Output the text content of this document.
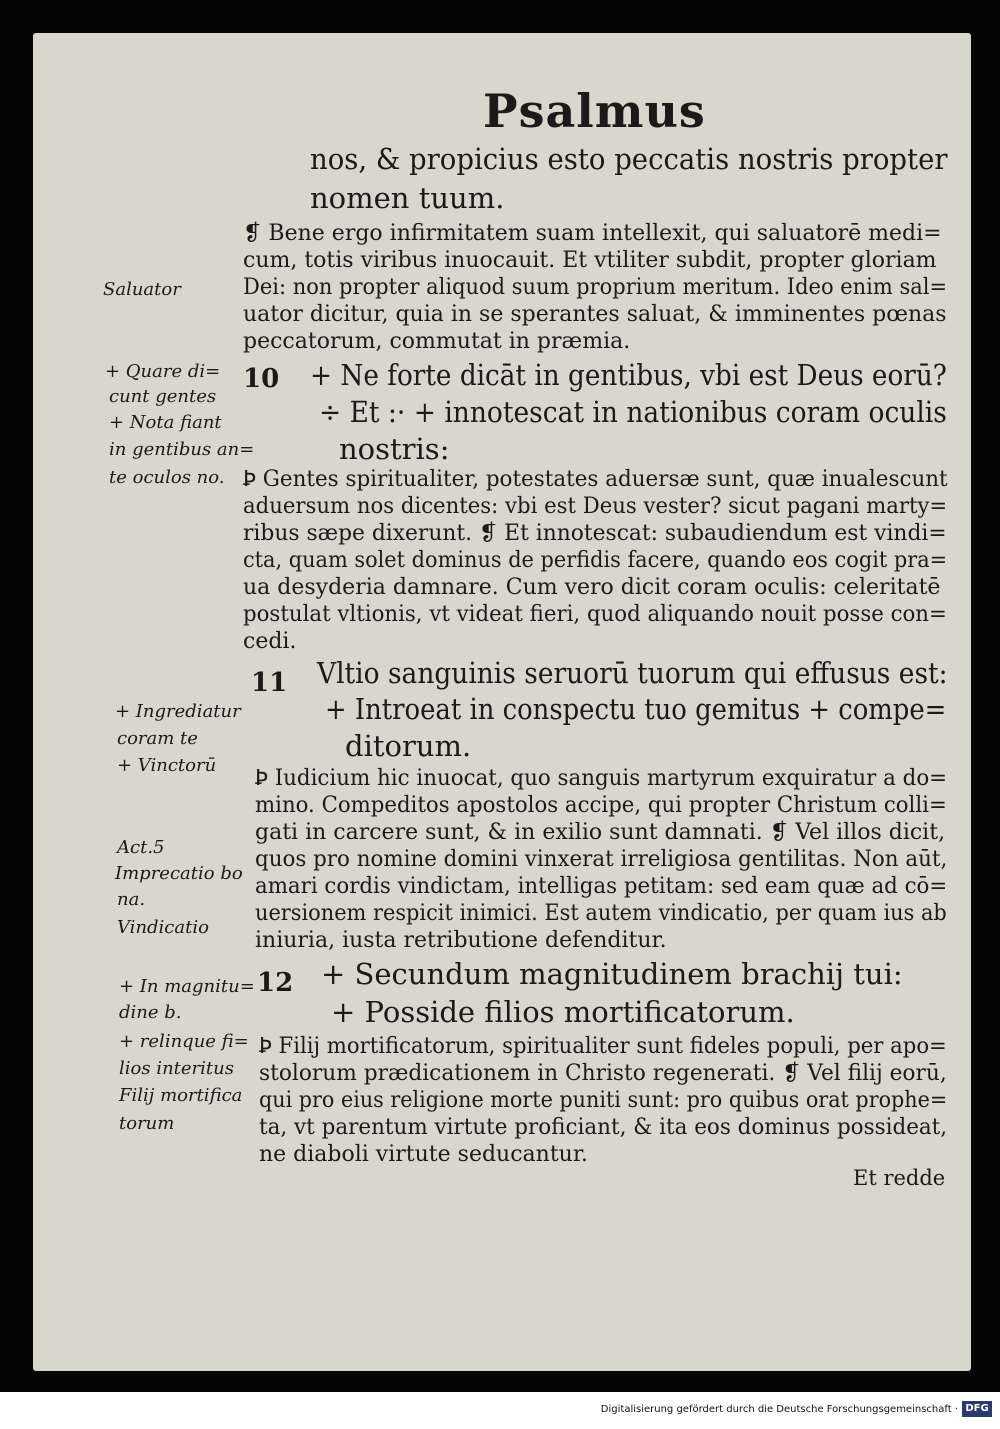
Psalmus
nos, & propicius esto peccatis nostris propter
nomen tuum.
❡ Bene ergo infirmitatem suam intellexit, qui saluatorē medi=
cum, totis viribus inuocauit. Et vtiliter subdit, propter gloriam
Dei: non propter aliquod suum proprium meritum. Ideo enim sal=
uator dicitur, quia in se sperantes saluat, & imminentes pœnas
peccatorum, commutat in præmia.
10 + Ne forte dicāt in gentibus, vbi est Deus eorū?
÷ Et :· + innotescat in nationibus coram oculis
nostris:
Ꝧ Gentes spiritualiter, potestates aduersæ sunt, quæ inualescunt
aduersum nos dicentes: vbi est Deus vester? sicut pagani marty=
ribus sæpe dixerunt. ❡ Et innotescat: subaudiendum est vindi=
cta, quam solet dominus de perfidis facere, quando eos cogit pra=
ua desyderia damnare. Cum vero dicit coram oculis: celeritatē
postulat vltionis, vt videat fieri, quod aliquando nouit posse con=
cedi.
11 Vltio sanguinis seruorū tuorum qui effusus est:
+ Introeat in conspectu tuo gemitus + compe=
ditorum.
Ꝧ Iudicium hic inuocat, quo sanguis martyrum exquiratur a do=
mino. Compeditos apostolos accipe, qui propter Christum colli=
gati in carcere sunt, & in exilio sunt damnati. ❡ Vel illos dicit,
quos pro nomine domini vinxerat irreligiosa gentilitas. Non aūt,
amari cordis vindictam, intelligas petitam: sed eam quæ ad cō=
uersionem respicit inimici. Est autem vindicatio, per quam ius ab
iniuria, iusta retributione defenditur.
12 + Secundum magnitudinem brachij tui:
+ Posside filios mortificatorum.
Ꝧ Filij mortificatorum, spiritualiter sunt fideles populi, per apo=
stolorum prædicationem in Christo regenerati. ❡ Vel filij eorū,
qui pro eius religione morte puniti sunt: pro quibus orat prophe=
ta, vt parentum virtute proficiant, & ita eos dominus possideat,
ne diaboli virtute seducantur.
Et redde
Saluator
+ Quare di=
cunt gentes
+ Nota fiant
in gentibus an=
te oculos no.
+ Ingrediatur
coram te
+ Vinctorū
Act.5
Imprecatio bo
na.
Vindicatio
+ In magnitu=
dine b.
+ relinque fi=
lios interitus
Filij mortifica
torum
Digitalisierung gefördert durch die Deutsche Forschungsgemeinschaft · DFG
